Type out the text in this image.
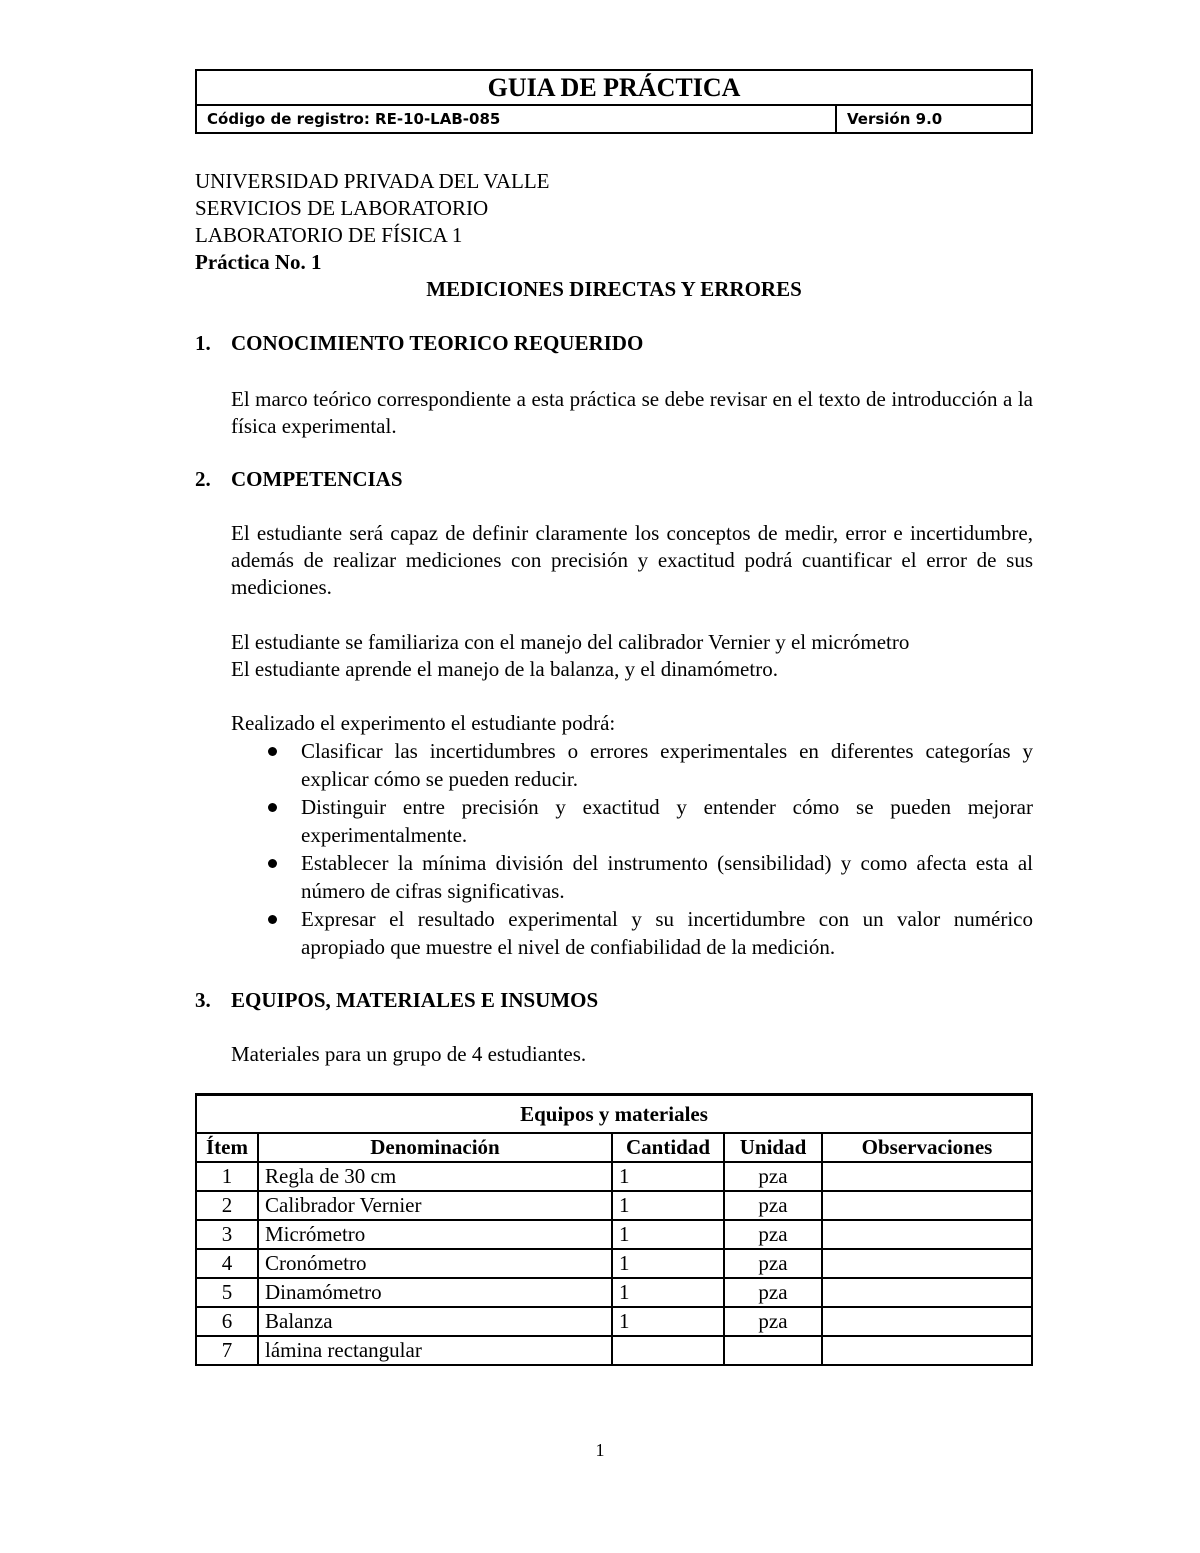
GUIA DE PRÁCTICA
Código de registro: RE-10-LAB-085	Versión 9.0
UNIVERSIDAD PRIVADA DEL VALLE
SERVICIOS DE LABORATORIO
LABORATORIO DE FÍSICA 1
Práctica No. 1
MEDICIONES DIRECTAS Y ERRORES
1. CONOCIMIENTO TEORICO REQUERIDO
El marco teórico correspondiente a esta práctica se debe revisar en el texto de introducción a la física experimental.
2. COMPETENCIAS
El estudiante será capaz de definir claramente los conceptos de medir, error e incertidumbre, además de realizar mediciones con precisión y exactitud podrá cuantificar el error de sus mediciones.
El estudiante se familiariza con el manejo del calibrador Vernier y el micrómetro
El estudiante aprende el manejo de la balanza, y el dinamómetro.
Realizado el experimento el estudiante podrá:
Clasificar las incertidumbres o errores experimentales en diferentes categorías y explicar cómo se pueden reducir.
Distinguir entre precisión y exactitud y entender cómo se pueden mejorar experimentalmente.
Establecer la mínima división del instrumento (sensibilidad) y como afecta esta al número de cifras significativas.
Expresar el resultado experimental y su incertidumbre con un valor numérico apropiado que muestre el nivel de confiabilidad de la medición.
3. EQUIPOS, MATERIALES E INSUMOS
Materiales para un grupo de 4 estudiantes.
Equipos y materiales				
Ítem	Denominación	Cantidad	Unidad	Observaciones
1	Regla de 30 cm	1	pza	
2	Calibrador Vernier	1	pza	
3	Micrómetro	1	pza	
4	Cronómetro	1	pza	
5	Dinamómetro	1	pza	
6	Balanza	1	pza	
7	lámina rectangular			
1
